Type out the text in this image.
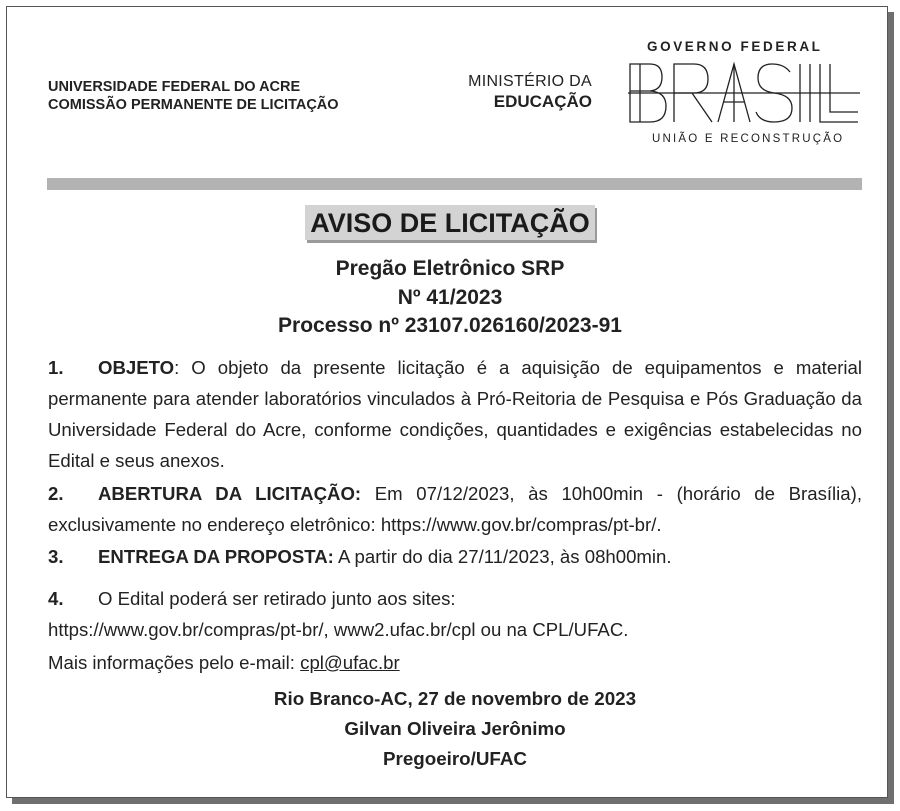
UNIVERSIDADE FEDERAL DO ACRE
COMISSÃO PERMANENTE DE LICITAÇÃO
MINISTÉRIO DA
EDUCAÇÃO
GOVERNO FEDERAL
UNIÃO E RECONSTRUÇÃO
AVISO DE LICITAÇÃO
Pregão Eletrônico SRP
Nº 41/2023
Processo nº 23107.026160/2023-91
1. OBJETO: O objeto da presente licitação é a aquisição de equipamentos e material permanente para atender laboratórios vinculados à Pró-Reitoria de Pesquisa e Pós Graduação da Universidade Federal do Acre, conforme condições, quantidades e exigências estabelecidas no Edital e seus anexos.
2. ABERTURA DA LICITAÇÃO: Em 07/12/2023, às 10h00min - (horário de Brasília), exclusivamente no endereço eletrônico: https://www.gov.br/compras/pt-br/.
3. ENTREGA DA PROPOSTA: A partir do dia 27/11/2023, às 08h00min.
4. O Edital poderá ser retirado junto aos sites:
https://www.gov.br/compras/pt-br/, www2.ufac.br/cpl ou na CPL/UFAC.
Mais informações pelo e-mail: cpl@ufac.br
Rio Branco-AC, 27 de novembro de 2023
Gilvan Oliveira Jerônimo
Pregoeiro/UFAC
